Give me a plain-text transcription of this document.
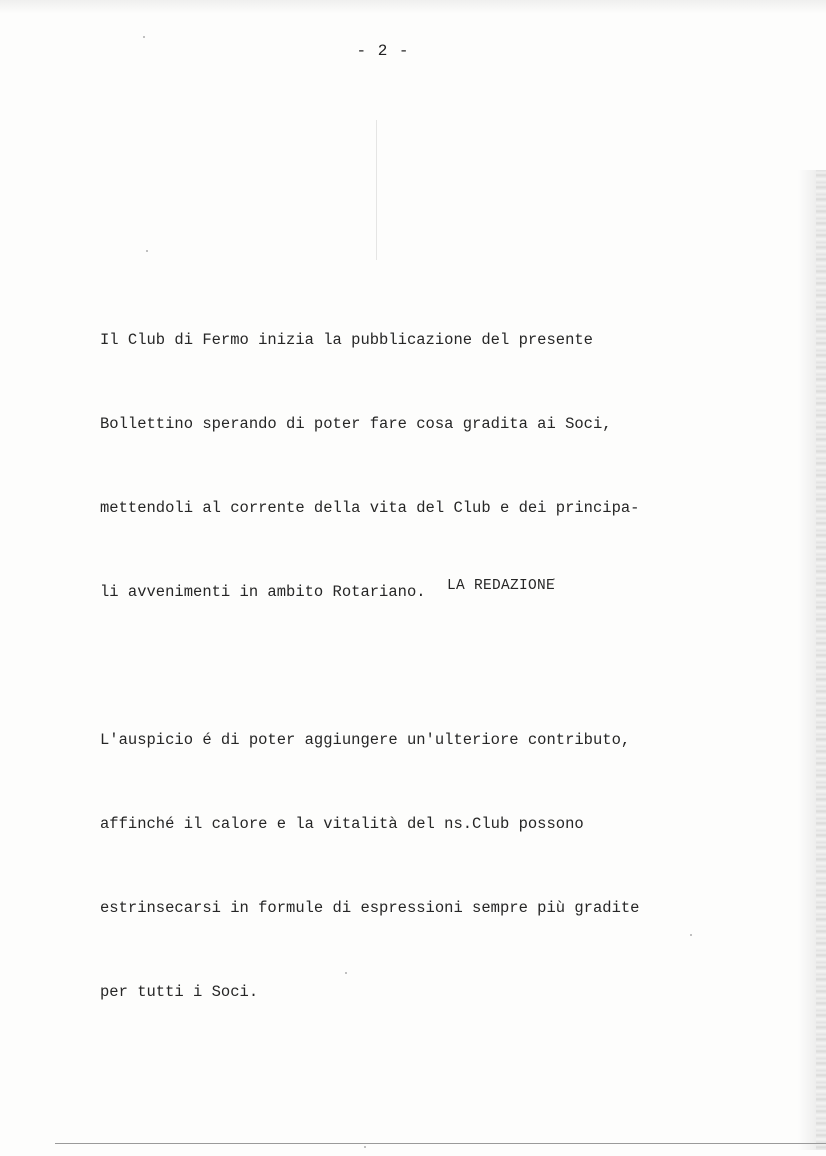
- 2 -

Il Club di Fermo inizia la pubblicazione del presente

Bollettino sperando di poter fare cosa gradita ai Soci,

mettendoli al corrente della vita del Club e dei principa-

li avvenimenti in ambito Rotariano.

L'auspicio é di poter aggiungere un'ulteriore contributo,

affinché il calore e la vitalità del ns.Club possono

estrinsecarsi in formule di espressioni sempre più gradite

per tutti i Soci.

LA REDAZIONE
